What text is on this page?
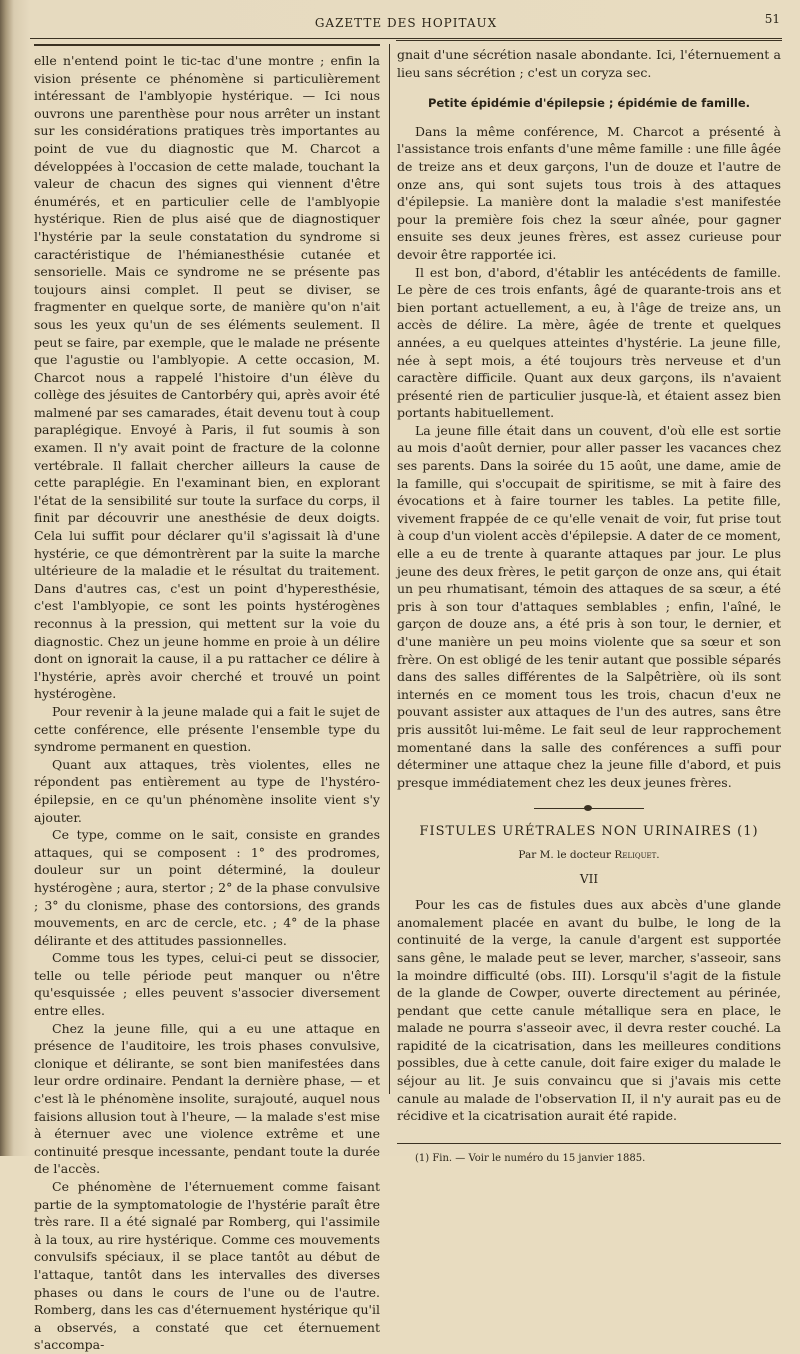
GAZETTE DES HOPITAUX	51

elle n'entend point le tic-tac d'une montre ; enfin la vision présente ce phénomène si particulièrement intéressant de l'amblyopie hystérique. — Ici nous ouvrons une parenthèse pour nous arrêter un instant sur les considérations pratiques très importantes au point de vue du diagnostic que M. Charcot a développées à l'occasion de cette malade, touchant la valeur de chacun des signes qui viennent d'être énumérés, et en particulier celle de l'amblyopie hystérique. Rien de plus aisé que de diagnostiquer l'hystérie par la seule constatation du syndrome si caractéristique de l'hémianesthésie cutanée et sensorielle. Mais ce syndrome ne se présente pas toujours ainsi complet. Il peut se diviser, se fragmenter en quelque sorte, de manière qu'on n'ait sous les yeux qu'un de ses éléments seulement. Il peut se faire, par exemple, que le malade ne présente que l'agustie ou l'amblyopie. A cette occasion, M. Charcot nous a rappelé l'histoire d'un élève du collège des jésuites de Cantorbéry qui, après avoir été malmené par ses camarades, était devenu tout à coup paraplégique. Envoyé à Paris, il fut soumis à son examen. Il n'y avait point de fracture de la colonne vertébrale. Il fallait chercher ailleurs la cause de cette paraplégie. En l'examinant bien, en explorant l'état de la sensibilité sur toute la surface du corps, il finit par découvrir une anesthésie de deux doigts. Cela lui suffit pour déclarer qu'il s'agissait là d'une hystérie, ce que démontrèrent par la suite la marche ultérieure de la maladie et le résultat du traitement. Dans d'autres cas, c'est un point d'hyperesthésie, c'est l'amblyopie, ce sont les points hystérogènes reconnus à la pression, qui mettent sur la voie du diagnostic. Chez un jeune homme en proie à un délire dont on ignorait la cause, il a pu rattacher ce délire à l'hystérie, après avoir cherché et trouvé un point hystérogène.

Pour revenir à la jeune malade qui a fait le sujet de cette conférence, elle présente l'ensemble type du syndrome permanent en question.

Quant aux attaques, très violentes, elles ne répondent pas entièrement au type de l'hystéro-épilepsie, en ce qu'un phénomène insolite vient s'y ajouter.

Ce type, comme on le sait, consiste en grandes attaques, qui se composent : 1° des prodromes, douleur sur un point déterminé, la douleur hystérogène ; aura, stertor ; 2° de la phase convulsive ; 3° du clonisme, phase des contorsions, des grands mouvements, en arc de cercle, etc. ; 4° de la phase délirante et des attitudes passionnelles.

Comme tous les types, celui-ci peut se dissocier, telle ou telle période peut manquer ou n'être qu'esquissée ; elles peuvent s'associer diversement entre elles.

Chez la jeune fille, qui a eu une attaque en présence de l'auditoire, les trois phases convulsive, clonique et délirante, se sont bien manifestées dans leur ordre ordinaire. Pendant la dernière phase, — et c'est là le phénomène insolite, surajouté, auquel nous faisions allusion tout à l'heure, — la malade s'est mise à éternuer avec une violence extrême et une continuité presque incessante, pendant toute la durée de l'accès.

Ce phénomène de l'éternuement comme faisant partie de la symptomatologie de l'hystérie paraît être très rare. Il a été signalé par Romberg, qui l'assimile à la toux, au rire hystérique. Comme ces mouvements convulsifs spéciaux, il se place tantôt au début de l'attaque, tantôt dans les intervalles des diverses phases ou dans le cours de l'une ou de l'autre. Romberg, dans les cas d'éternuement hystérique qu'il a observés, a constaté que cet éternuement s'accompa-

gnait d'une sécrétion nasale abondante. Ici, l'éternuement a lieu sans sécrétion ; c'est un coryza sec.

Petite épidémie d'épilepsie ; épidémie de famille.

Dans la même conférence, M. Charcot a présenté à l'assistance trois enfants d'une même famille : une fille âgée de treize ans et deux garçons, l'un de douze et l'autre de onze ans, qui sont sujets tous trois à des attaques d'épilepsie. La manière dont la maladie s'est manifestée pour la première fois chez la sœur aînée, pour gagner ensuite ses deux jeunes frères, est assez curieuse pour devoir être rapportée ici.

Il est bon, d'abord, d'établir les antécédents de famille. Le père de ces trois enfants, âgé de quarante-trois ans et bien portant actuellement, a eu, à l'âge de treize ans, un accès de délire. La mère, âgée de trente et quelques années, a eu quelques atteintes d'hystérie. La jeune fille, née à sept mois, a été toujours très nerveuse et d'un caractère difficile. Quant aux deux garçons, ils n'avaient présenté rien de particulier jusque-là, et étaient assez bien portants habituellement.

La jeune fille était dans un couvent, d'où elle est sortie au mois d'août dernier, pour aller passer les vacances chez ses parents. Dans la soirée du 15 août, une dame, amie de la famille, qui s'occupait de spiritisme, se mit à faire des évocations et à faire tourner les tables. La petite fille, vivement frappée de ce qu'elle venait de voir, fut prise tout à coup d'un violent accès d'épilepsie. A dater de ce moment, elle a eu de trente à quarante attaques par jour. Le plus jeune des deux frères, le petit garçon de onze ans, qui était un peu rhumatisant, témoin des attaques de sa sœur, a été pris à son tour d'attaques semblables ; enfin, l'aîné, le garçon de douze ans, a été pris à son tour, le dernier, et d'une manière un peu moins violente que sa sœur et son frère. On est obligé de les tenir autant que possible séparés dans des salles différentes de la Salpêtrière, où ils sont internés en ce moment tous les trois, chacun d'eux ne pouvant assister aux attaques de l'un des autres, sans être pris aussitôt lui-même. Le fait seul de leur rapprochement momentané dans la salle des conférences a suffi pour déterminer une attaque chez la jeune fille d'abord, et puis presque immédiatement chez les deux jeunes frères.

FISTULES URÉTRALES NON URINAIRES (1)
Par M. le docteur Reliquet.
VII

Pour les cas de fistules dues aux abcès d'une glande anomalement placée en avant du bulbe, le long de la continuité de la verge, la canule d'argent est supportée sans gêne, le malade peut se lever, marcher, s'asseoir, sans la moindre difficulté (obs. III). Lorsqu'il s'agit de la fistule de la glande de Cowper, ouverte directement au périnée, pendant que cette canule métallique sera en place, le malade ne pourra s'asseoir avec, il devra rester couché. La rapidité de la cicatrisation, dans les meilleures conditions possibles, due à cette canule, doit faire exiger du malade le séjour au lit. Je suis convaincu que si j'avais mis cette canule au malade de l'observation II, il n'y aurait pas eu de récidive et la cicatrisation aurait été rapide.

(1) Fin. — Voir le numéro du 15 janvier 1885.
